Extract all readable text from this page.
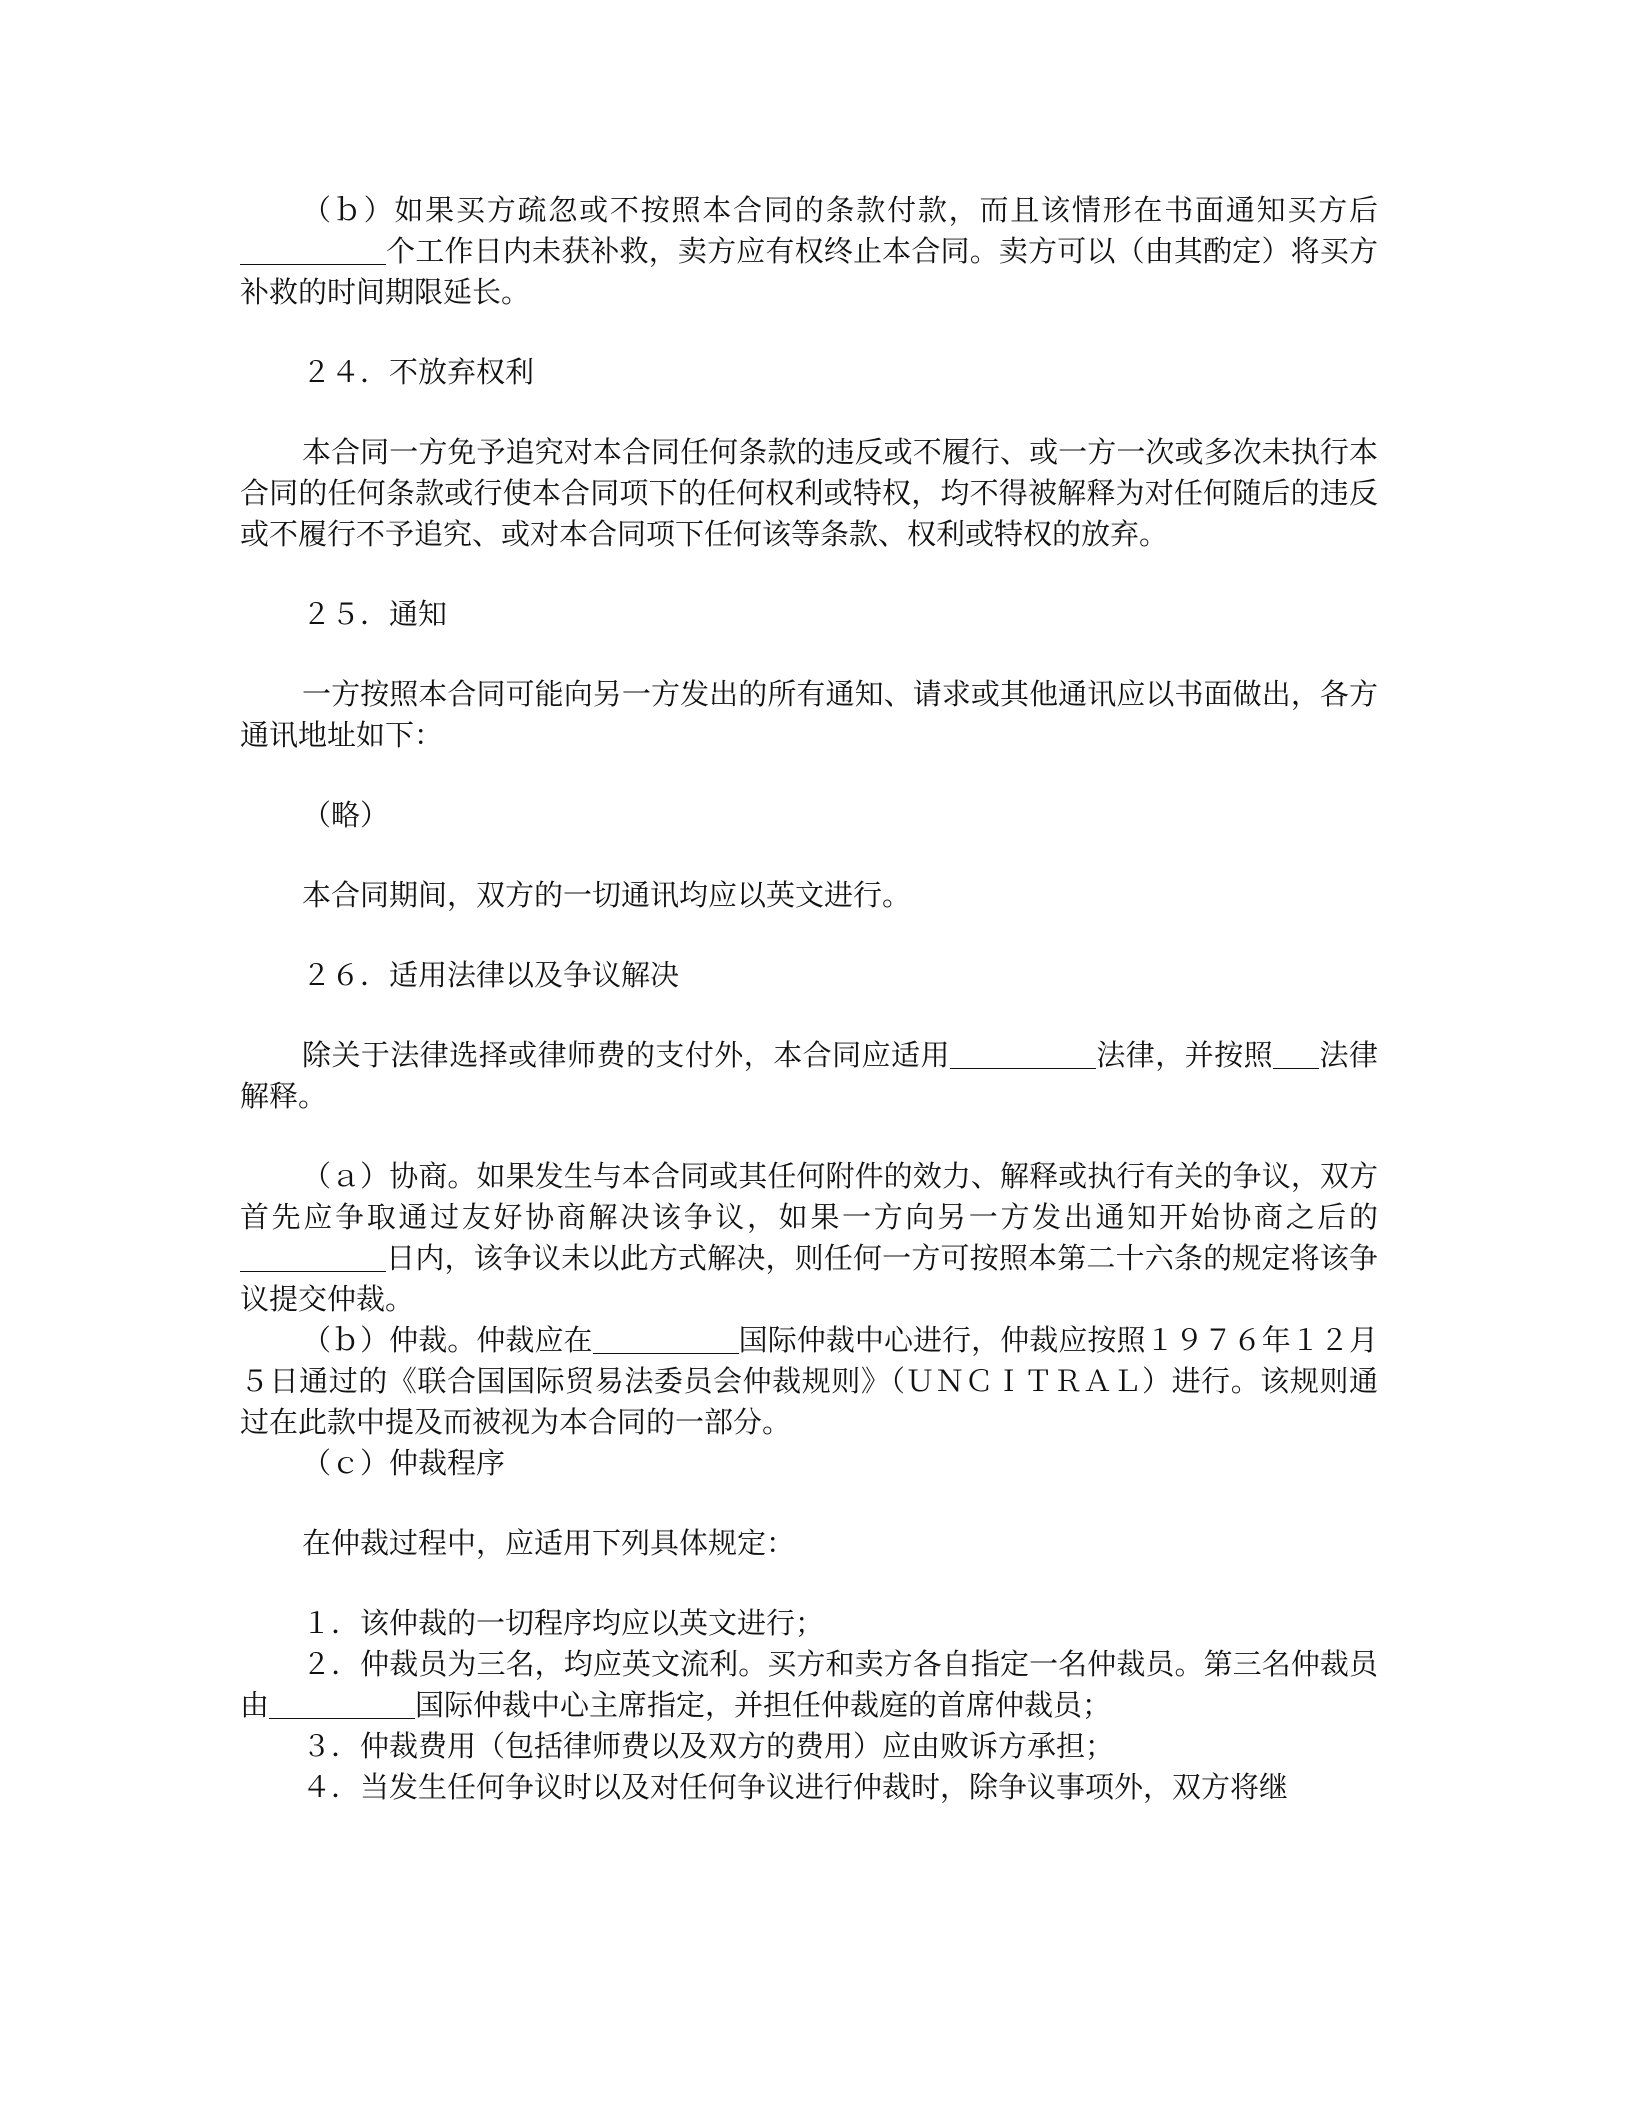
（ｂ）如果买方疏忽或不按照本合同的条款付款，而且该情形在书面通知买方后个工作日内未获补救，卖方应有权终止本合同。卖方可以（由其酌定）将买方补救的时间期限延长。

２４．不放弃权利

本合同一方免予追究对本合同任何条款的违反或不履行、或一方一次或多次未执行本合同的任何条款或行使本合同项下的任何权利或特权，均不得被解释为对任何随后的违反或不履行不予追究、或对本合同项下任何该等条款、权利或特权的放弃。

２５．通知

一方按照本合同可能向另一方发出的所有通知、请求或其他通讯应以书面做出，各方通讯地址如下：

（略）

本合同期间，双方的一切通讯均应以英文进行。

２６．适用法律以及争议解决

除关于法律选择或律师费的支付外，本合同应适用	法律，并按照 法律解释。

（ａ）协商。如果发生与本合同或其任何附件的效力、解释或执行有关的争议，双方首先应争取通过友好协商解决该争议，如果一方向另一方发出通知开始协商之后的日内，该争议未以此方式解决，则任何一方可按照本第二十六条的规定将该争议提交仲裁。

（ｂ）仲裁。仲裁应在	国际仲裁中心进行，仲裁应按照１９７６年１２月５日通过的《联合国国际贸易法委员会仲裁规则》（ＵＮＣＩＴＲＡＬ）进行。该规则通过在此款中提及而被视为本合同的一部分。

（ｃ）仲裁程序

在仲裁过程中，应适用下列具体规定：

１．该仲裁的一切程序均应以英文进行；

２．仲裁员为三名，均应英文流利。买方和卖方各自指定一名仲裁员。第三名仲裁员由	国际仲裁中心主席指定，并担任仲裁庭的首席仲裁员；

３．仲裁费用（包括律师费以及双方的费用）应由败诉方承担；

４．当发生任何争议时以及对任何争议进行仲裁时，除争议事项外，双方将继
